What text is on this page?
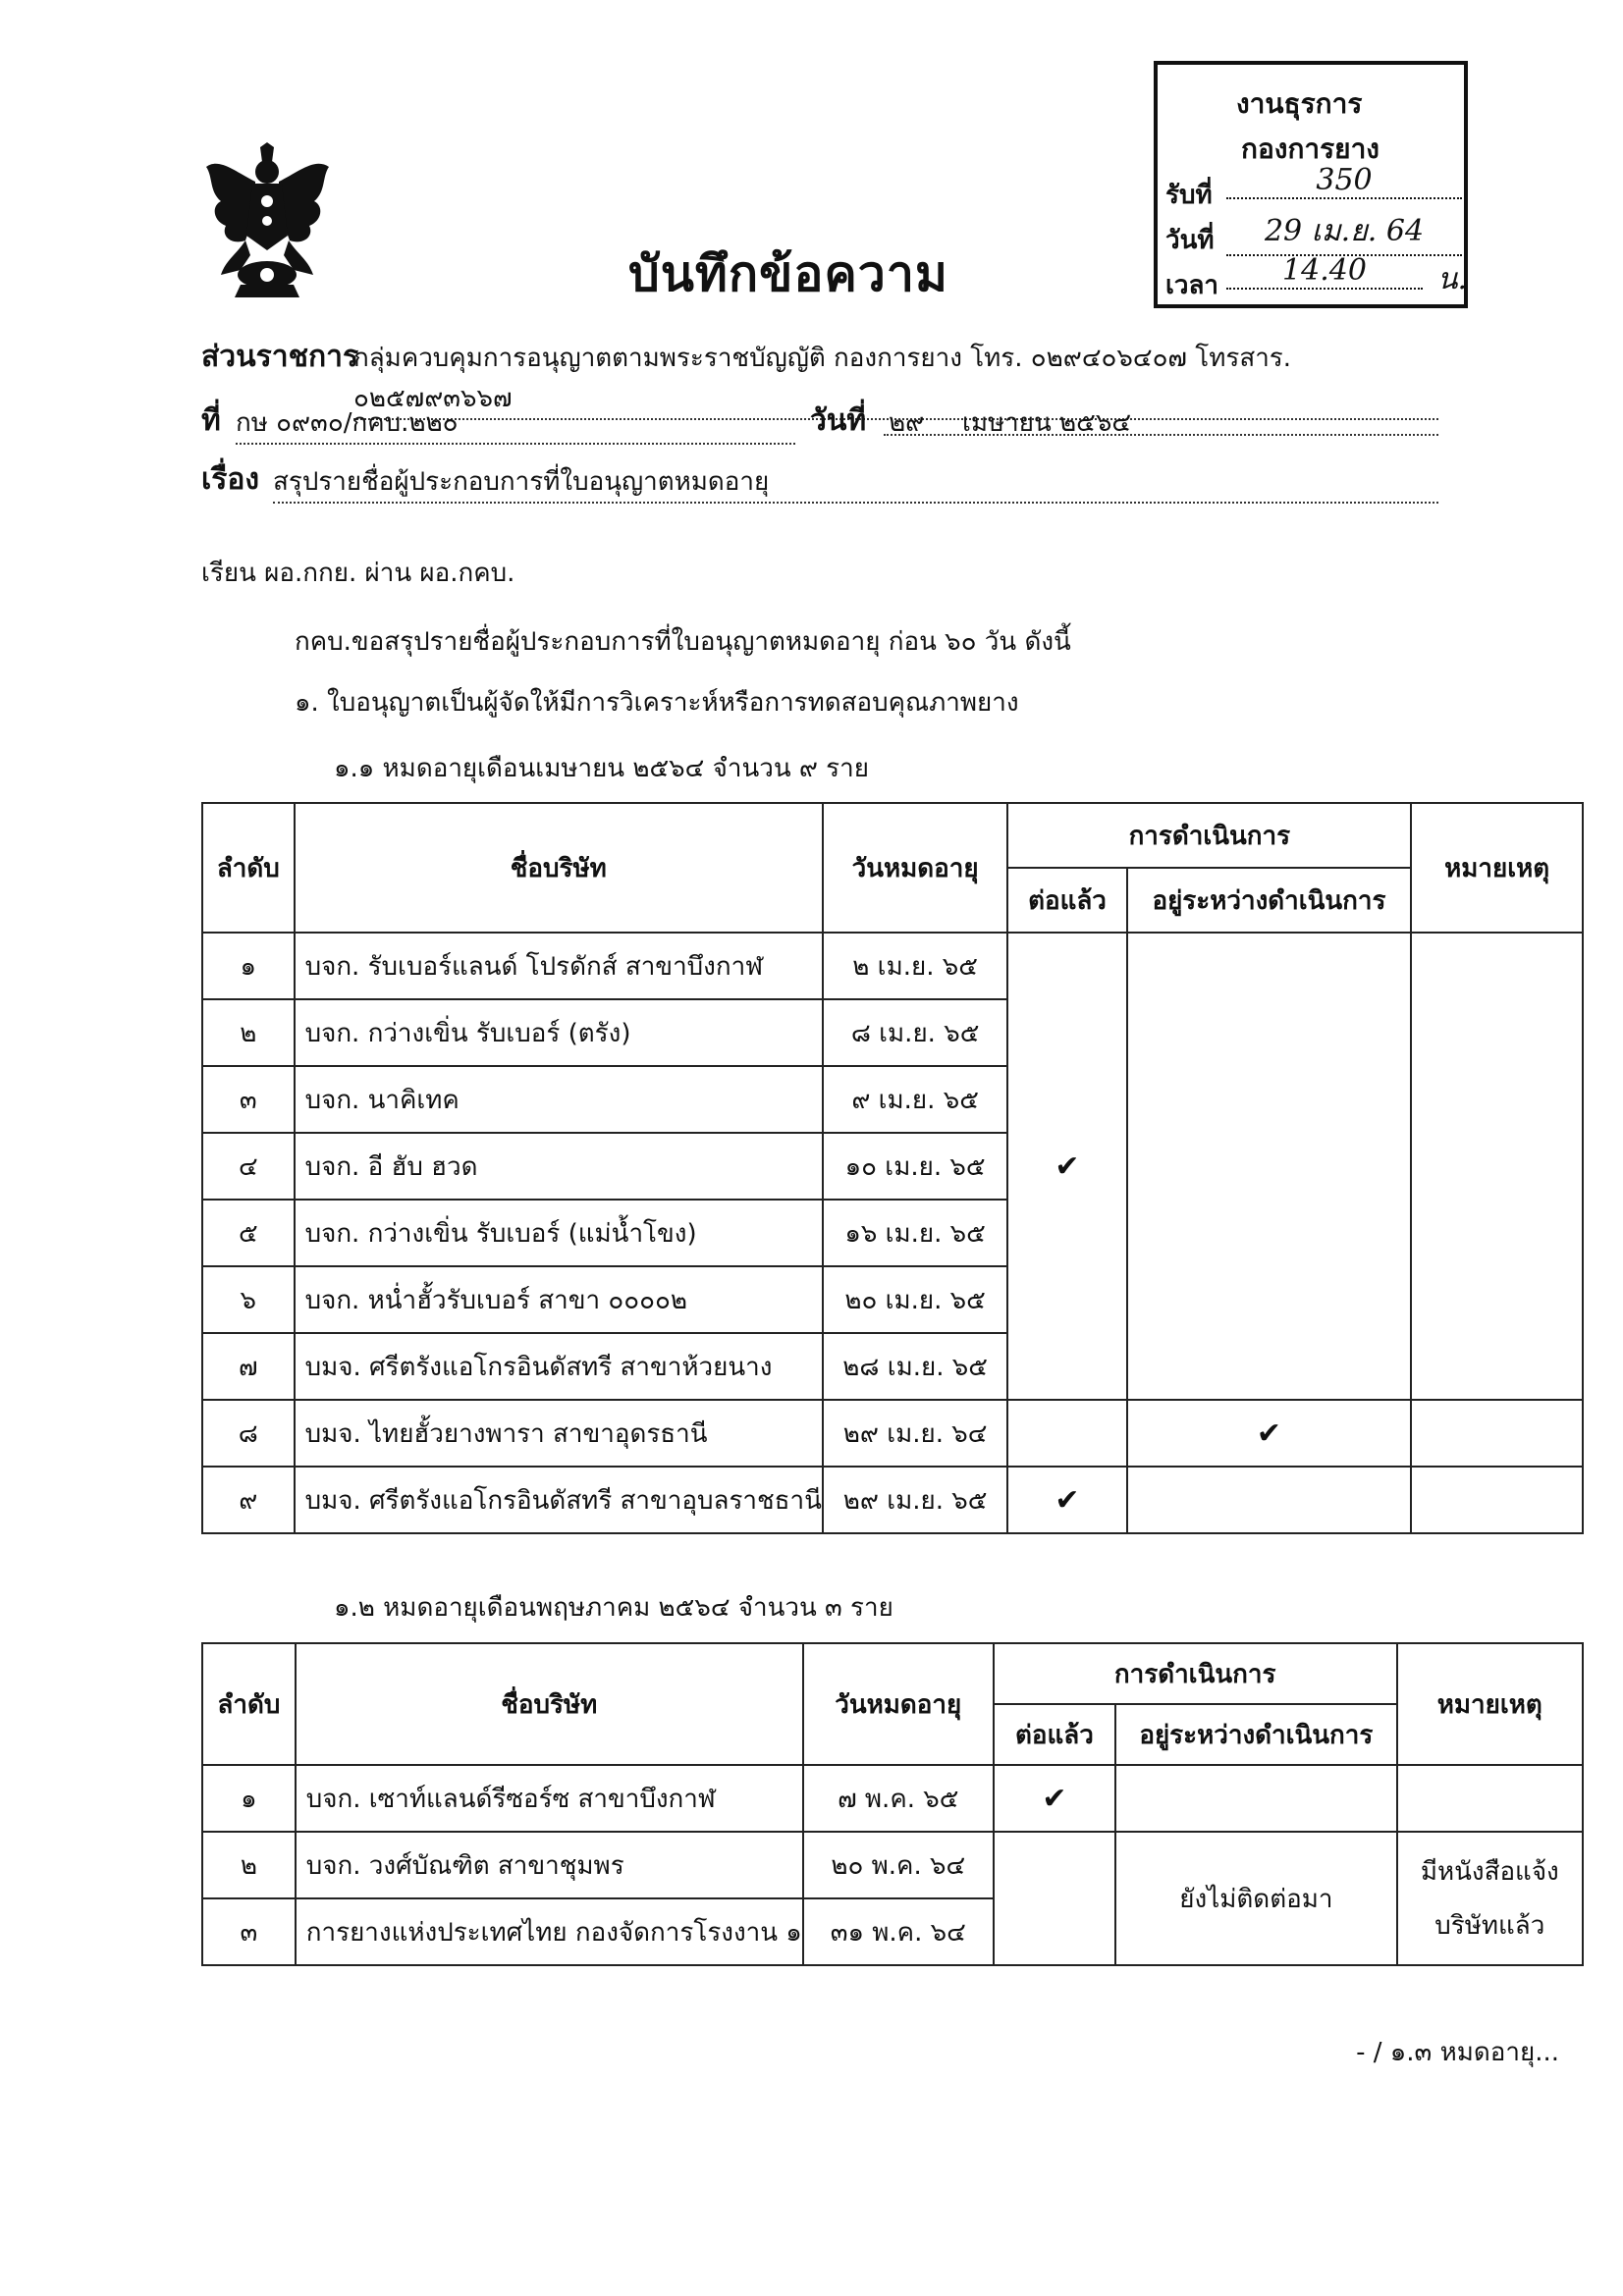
บันทึกข้อความ
งานธุรการ
กองการยาง
รับที่	350
วันที่	29 เม.ย. 64
เวลา	14.40	น.
ส่วนราชการ
กลุ่มควบคุมการอนุญาตตามพระราชบัญญัติ กองการยาง โทร. ๐๒๙๔๐๖๔๐๗ โทรสาร. ๐๒๕๗๙๓๖๖๗
ที่ กษ ๐๙๓๐/กคบ.๒๒๐	วันที่ ๒๙ เมษายน ๒๕๖๔
เรื่อง สรุปรายชื่อผู้ประกอบการที่ใบอนุญาตหมดอายุ
เรียน ผอ.กกย. ผ่าน ผอ.กคบ.
กคบ.ขอสรุปรายชื่อผู้ประกอบการที่ใบอนุญาตหมดอายุ ก่อน ๖๐ วัน ดังนี้
๑. ใบอนุญาตเป็นผู้จัดให้มีการวิเคราะห์หรือการทดสอบคุณภาพยาง
๑.๑ หมดอายุเดือนเมษายน ๒๕๖๔ จำนวน ๙ ราย
ลำดับ	ชื่อบริษัท	วันหมดอายุ	การดำเนินการ		หมายเหตุ
			ต่อแล้ว	อยู่ระหว่างดำเนินการ	
๑	บจก. รับเบอร์แลนด์ โปรดักส์ สาขาบึงกาฬ	๒ เม.ย. ๖๕	✔		
๒	บจก. กว่างเขิ่น รับเบอร์ (ตรัง)	๘ เม.ย. ๖๕			
๓	บจก. นาคิเทค	๙ เม.ย. ๖๕			
๔	บจก. อี ฮับ ฮวด	๑๐ เม.ย. ๖๕			
๕	บจก. กว่างเขิ่น รับเบอร์ (แม่น้ำโขง)	๑๖ เม.ย. ๖๕			
๖	บจก. หน่ำฮั้วรับเบอร์ สาขา ๐๐๐๐๒	๒๐ เม.ย. ๖๕			
๗	บมจ. ศรีตรังแอโกรอินดัสทรี สาขาห้วยนาง	๒๘ เม.ย. ๖๕			
๘	บมจ. ไทยฮั้วยางพารา สาขาอุดรธานี	๒๙ เม.ย. ๖๔		✔	
๙	บมจ. ศรีตรังแอโกรอินดัสทรี สาขาอุบลราชธานี	๒๙ เม.ย. ๖๕	✔		
๑.๒ หมดอายุเดือนพฤษภาคม ๒๕๖๔ จำนวน ๓ ราย
ลำดับ	ชื่อบริษัท	วันหมดอายุ	การดำเนินการ		หมายเหตุ
			ต่อแล้ว	อยู่ระหว่างดำเนินการ	
๑	บจก. เซาท์แลนด์รีซอร์ซ สาขาบึงกาฬ	๗ พ.ค. ๖๕	✔		
๒	บจก. วงศ์บัณฑิต สาขาชุมพร	๒๐ พ.ค. ๖๔		ยังไม่ติดต่อมา	มีหนังสือแจ้ง
บริษัทแล้ว

๓	การยางแห่งประเทศไทย กองจัดการโรงงาน ๑	๓๑ พ.ค. ๖๔			
- / ๑.๓ หมดอายุ...
